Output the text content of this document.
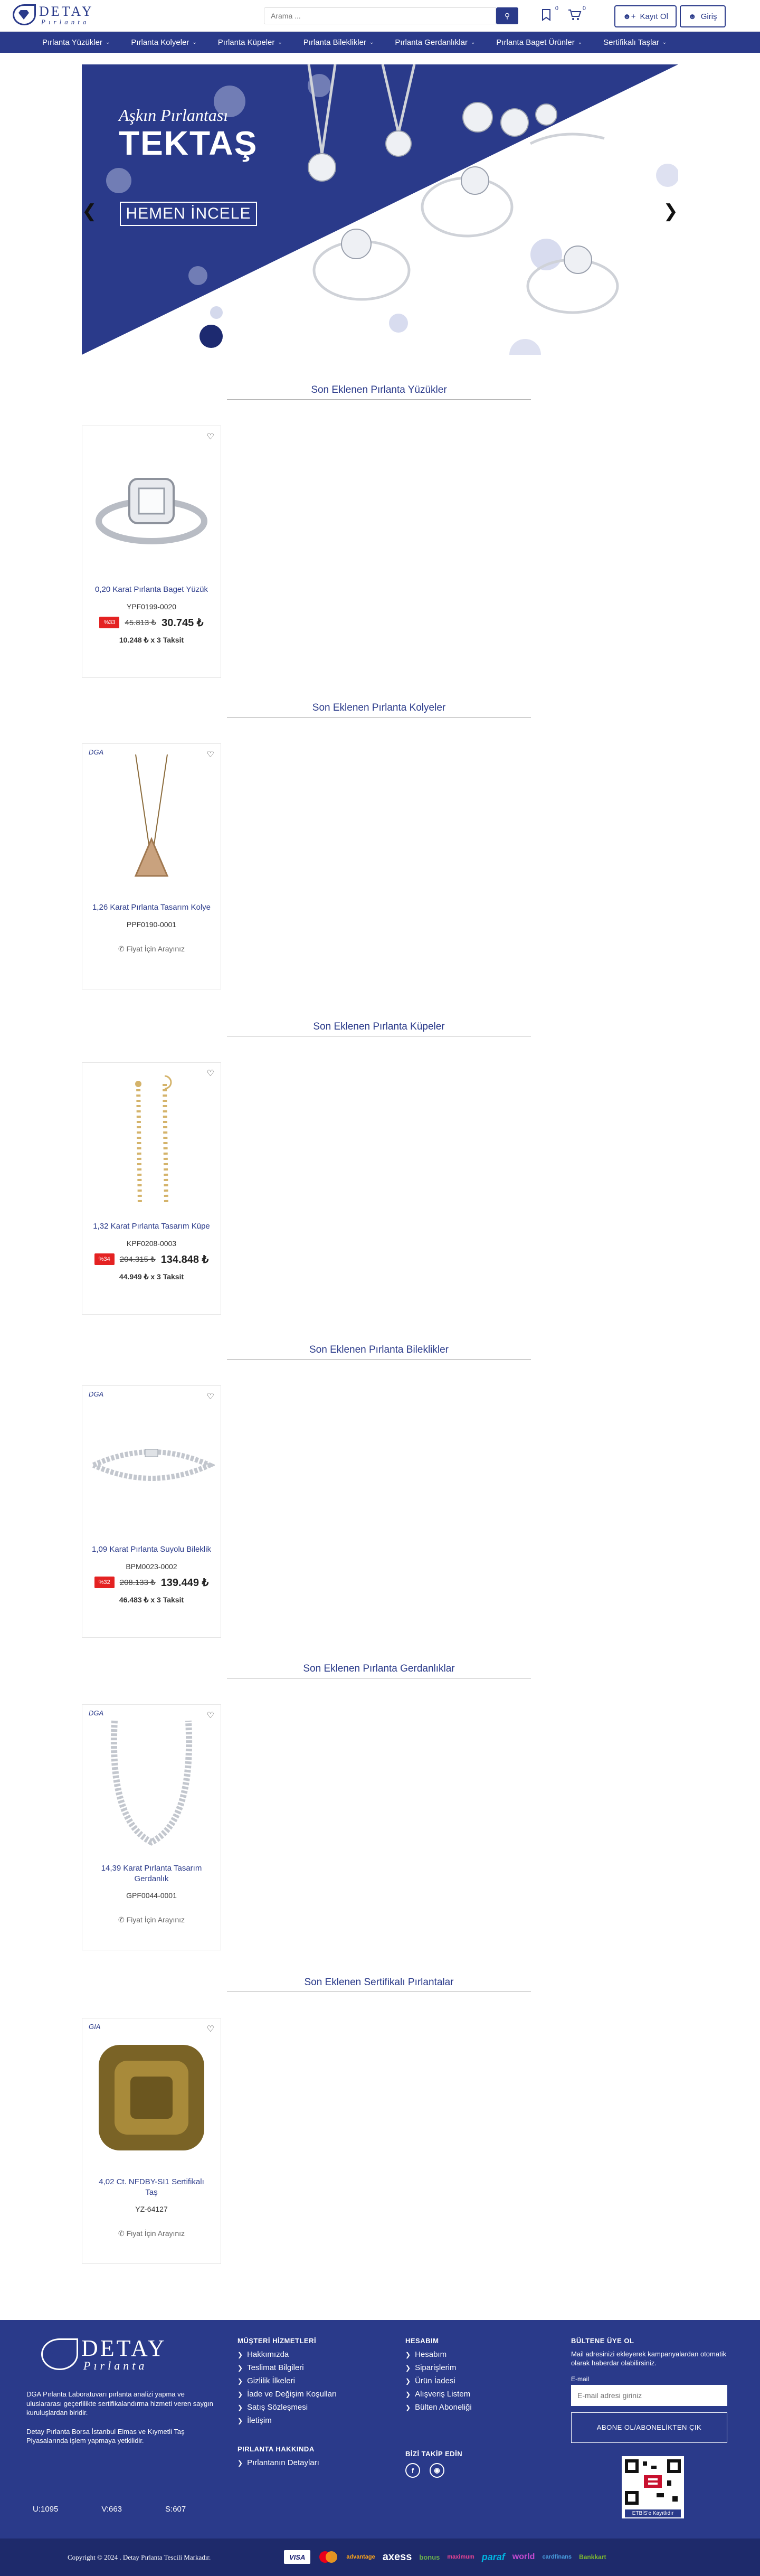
DETAY
Pırlanta
Arama ...
⚲
0	0
☻+ Kayıt Ol	☻ Giriş
Pırlanta Yüzükler ⌄	Pırlanta Kolyeler ⌄	Pırlanta Küpeler ⌄	Pırlanta Bileklikler ⌄	Pırlanta Gerdanlıklar ⌄	Pırlanta Baget Ürünler ⌄	Sertifikalı Taşlar ⌄
Aşkın Pırlantası
TEKTAŞ
HEMEN İNCELE
❮	❯
Son Eklenen Pırlanta Yüzükler
♡
0,20 Karat Pırlanta Baget Yüzük
YPF0199-0020
%33	45.813 ₺ 30.745 ₺
10.248 ₺ x 3 Taksit
Son Eklenen Pırlanta Kolyeler
DGA	♡
1,26 Karat Pırlanta Tasarım Kolye
PPF0190-0001
✆ Fiyat İçin Arayınız
Son Eklenen Pırlanta Küpeler
♡
1,32 Karat Pırlanta Tasarım Küpe
KPF0208-0003
%34	204.315 ₺ 134.848 ₺
44.949 ₺ x 3 Taksit
Son Eklenen Pırlanta Bileklikler
DGA	♡
1,09 Karat Pırlanta Suyolu Bileklik
BPM0023-0002
%32	208.133 ₺ 139.449 ₺
46.483 ₺ x 3 Taksit
Son Eklenen Pırlanta Gerdanlıklar
DGA	♡
14,39 Karat Pırlanta Tasarım Gerdanlık
GPF0044-0001
✆ Fiyat İçin Arayınız
Son Eklenen Sertifikalı Pırlantalar
GIA	♡
4,02 Ct. NFDBY-SI1 Sertifikalı Taş
YZ-64127
✆ Fiyat İçin Arayınız
DETAY
Pırlanta
DGA Pırlanta Laboratuvarı pırlanta analizi yapma ve uluslararası geçerlilikte sertifikalandırma hizmeti veren saygın kuruluşlardan biridir.
Detay Pırlanta Borsa İstanbul Elmas ve Kıymetli Taş Piyasalarında işlem yapmaya yetkilidir.
MÜŞTERİ HİZMETLERİ
❯ Hakkımızda
❯ Teslimat Bilgileri
❯ Gizlilik İlkeleri
❯ İade ve Değişim Koşulları
❯ Satış Sözleşmesi
❯ İletişim
PIRLANTA HAKKINDA
❯ Pırlantanın Detayları
HESABIM
❯ Hesabım
❯ Siparişlerim
❯ Ürün İadesi
❯ Alışveriş Listem
❯ Bülten Aboneliği
BİZİ TAKİP EDİN
f	◉
BÜLTENE ÜYE OL
Mail adresinizi ekleyerek kampanyalardan otomatik olarak haberdar olabilirsiniz.
E-mail
E-mail adresi giriniz ABONE OL/ABONELİKTEN ÇIK
ETBİS'e Kayıtlıdır
U:1095	V:663	S:607
Copyright © 2024 . Detay Pırlanta Tescili Markadır.	VISA	advantage axess bonus maximum paraf world cardfinans Bankkart
